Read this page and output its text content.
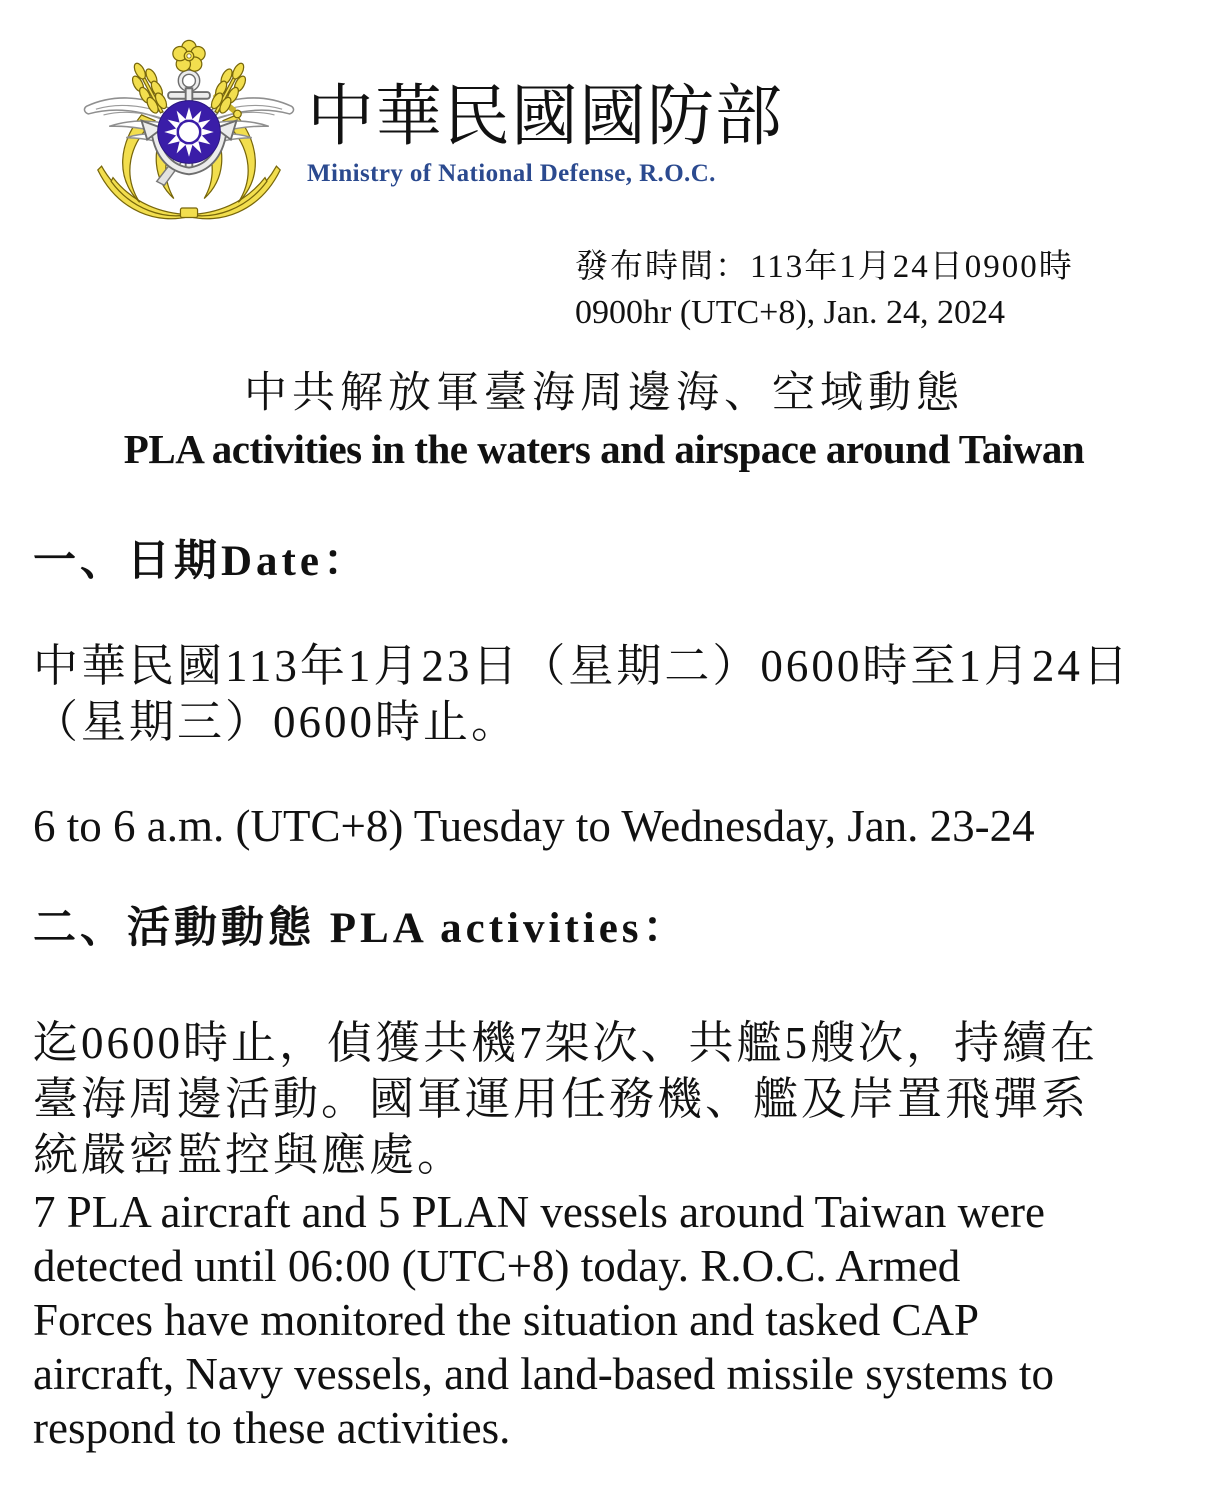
中華民國國防部
Ministry of National Defense, R.O.C.
發布時間：113年1月24日0900時
0900hr (UTC+8), Jan. 24, 2024
中共解放軍臺海周邊海、空域動態
PLA activities in the waters and airspace around Taiwan
一、日期Date：
中華民國113年1月23日（星期二）0600時至1月24日
（星期三）0600時止。
6 to 6 a.m. (UTC+8) Tuesday to Wednesday, Jan. 23-24
二、活動動態 PLA activities：
迄0600時止，偵獲共機7架次、共艦5艘次，持續在
臺海周邊活動。國軍運用任務機、艦及岸置飛彈系
統嚴密監控與應處。
7 PLA aircraft and 5 PLAN vessels around Taiwan were
detected until 06:00 (UTC+8) today. R.O.C. Armed
Forces have monitored the situation and tasked CAP
aircraft, Navy vessels, and land-based missile systems to
respond to these activities.
